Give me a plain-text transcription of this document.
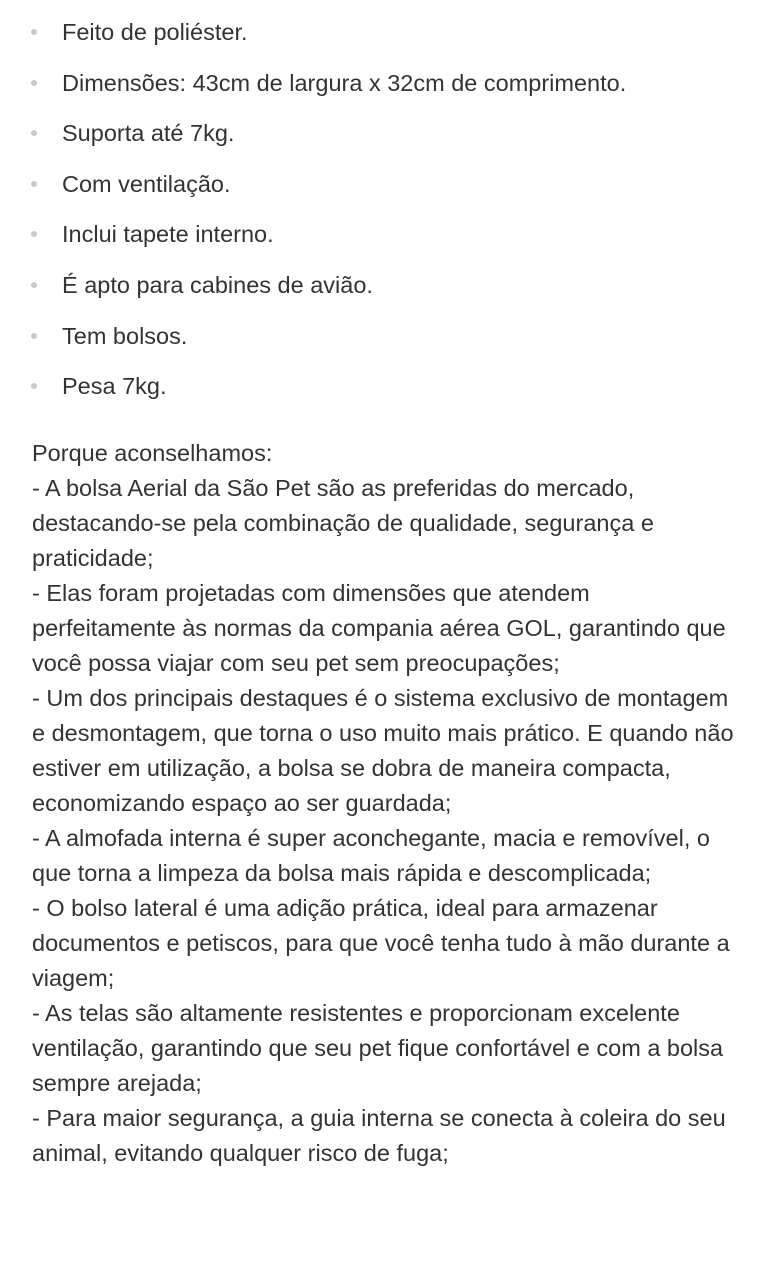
Feito de poliéster.
Dimensões: 43cm de largura x 32cm de comprimento.
Suporta até 7kg.
Com ventilação.
Inclui tapete interno.
É apto para cabines de avião.
Tem bolsos.
Pesa 7kg.
Porque aconselhamos:

- A bolsa Aerial da São Pet são as preferidas do mercado, destacando-se pela combinação de qualidade, segurança e praticidade;

- Elas foram projetadas com dimensões que atendem perfeitamente às normas da compania aérea GOL, garantindo que você possa viajar com seu pet sem preocupações;

- Um dos principais destaques é o sistema exclusivo de montagem e desmontagem, que torna o uso muito mais prático. E quando não estiver em utilização, a bolsa se dobra de maneira compacta, economizando espaço ao ser guardada;

- A almofada interna é super aconchegante, macia e removível, o que torna a limpeza da bolsa mais rápida e descomplicada;

- O bolso lateral é uma adição prática, ideal para armazenar documentos e petiscos, para que você tenha tudo à mão durante a viagem;

- As telas são altamente resistentes e proporcionam excelente ventilação, garantindo que seu pet fique confortável e com a bolsa sempre arejada;

- Para maior segurança, a guia interna se conecta à coleira do seu animal, evitando qualquer risco de fuga;
